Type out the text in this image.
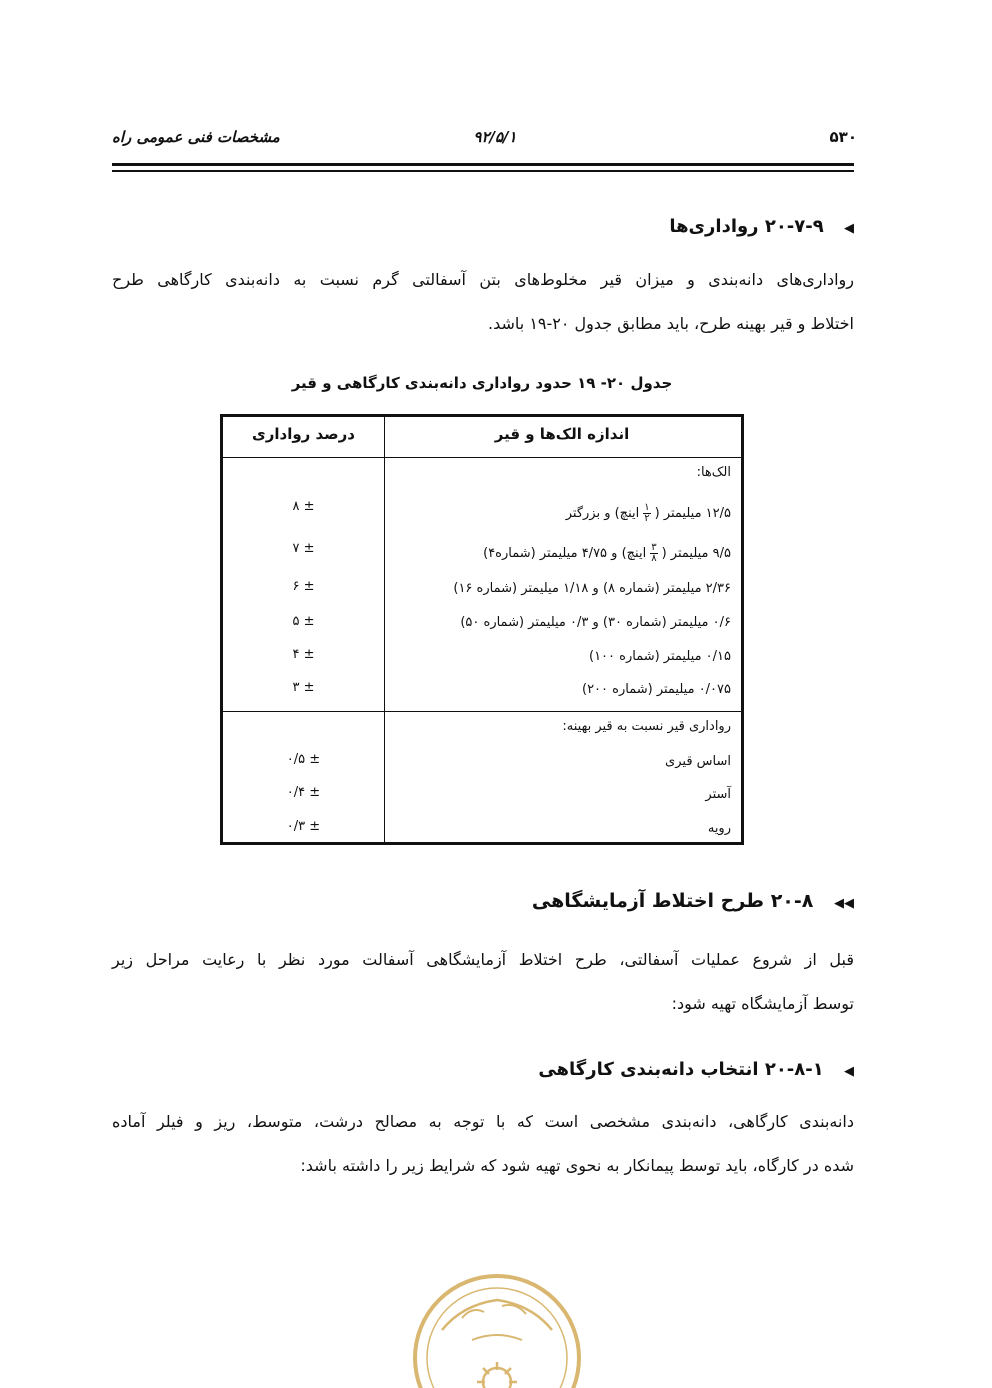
۵۳۰
۹۲/۵/۱
مشخصات فنی عمومی راه
◀ ۲۰-۷-۹ رواداری‌ها
رواداری‌های دانه‌بندی و میزان قیر مخلوط‌های بتن آسفالتی گرم نسبت به دانه‌بندی کارگاهی طرح
اختلاط و قیر بهینه طرح، باید مطابق جدول ۲۰-۱۹ باشد.
جدول ۲۰- ۱۹ حدود رواداری دانه‌بندی کارگاهی و قیر
اندازه الک‌ها و قیر
درصد رواداری
الک‌ها:
۱۲/۵ میلیمتر (
$\frac{۱}{۲}$
اینچ) و بزرگتر
± ۸
۹/۵ میلیمتر (
$\frac{۳}{۸}$
اینچ) و ۴/۷۵ میلیمتر (شماره۴)
± ۷
۲/۳۶ میلیمتر (شماره ۸) و ۱/۱۸ میلیمتر (شماره ۱۶)
± ۶
۰/۶ میلیمتر (شماره ۳۰) و ۰/۳ میلیمتر (شماره ۵۰)
± ۵
۰/۱۵ میلیمتر (شماره ۱۰۰)
± ۴
۰/۰۷۵ میلیمتر (شماره ۲۰۰)
± ۳
رواداری قیر نسبت به قیر بهینه:
اساس قیری
± ۰/۵
آستر
± ۰/۴
رویه
± ۰/۳
◀◀ ۲۰-۸ طرح اختلاط آزمایشگاهی
قبل از شروع عملیات آسفالتی، طرح اختلاط آزمایشگاهی آسفالت مورد نظر با رعایت مراحل زیر
توسط آزمایشگاه تهیه شود:
◀ ۲۰-۸-۱ انتخاب دانه‌بندی کارگاهی
دانه‌بندی کارگاهی، دانه‌بندی مشخصی است که با توجه به مصالح درشت، متوسط، ریز و فیلر آماده
شده در کارگاه، باید توسط پیمانکار به نحوی تهیه شود که شرایط زیر را داشته باشد:
